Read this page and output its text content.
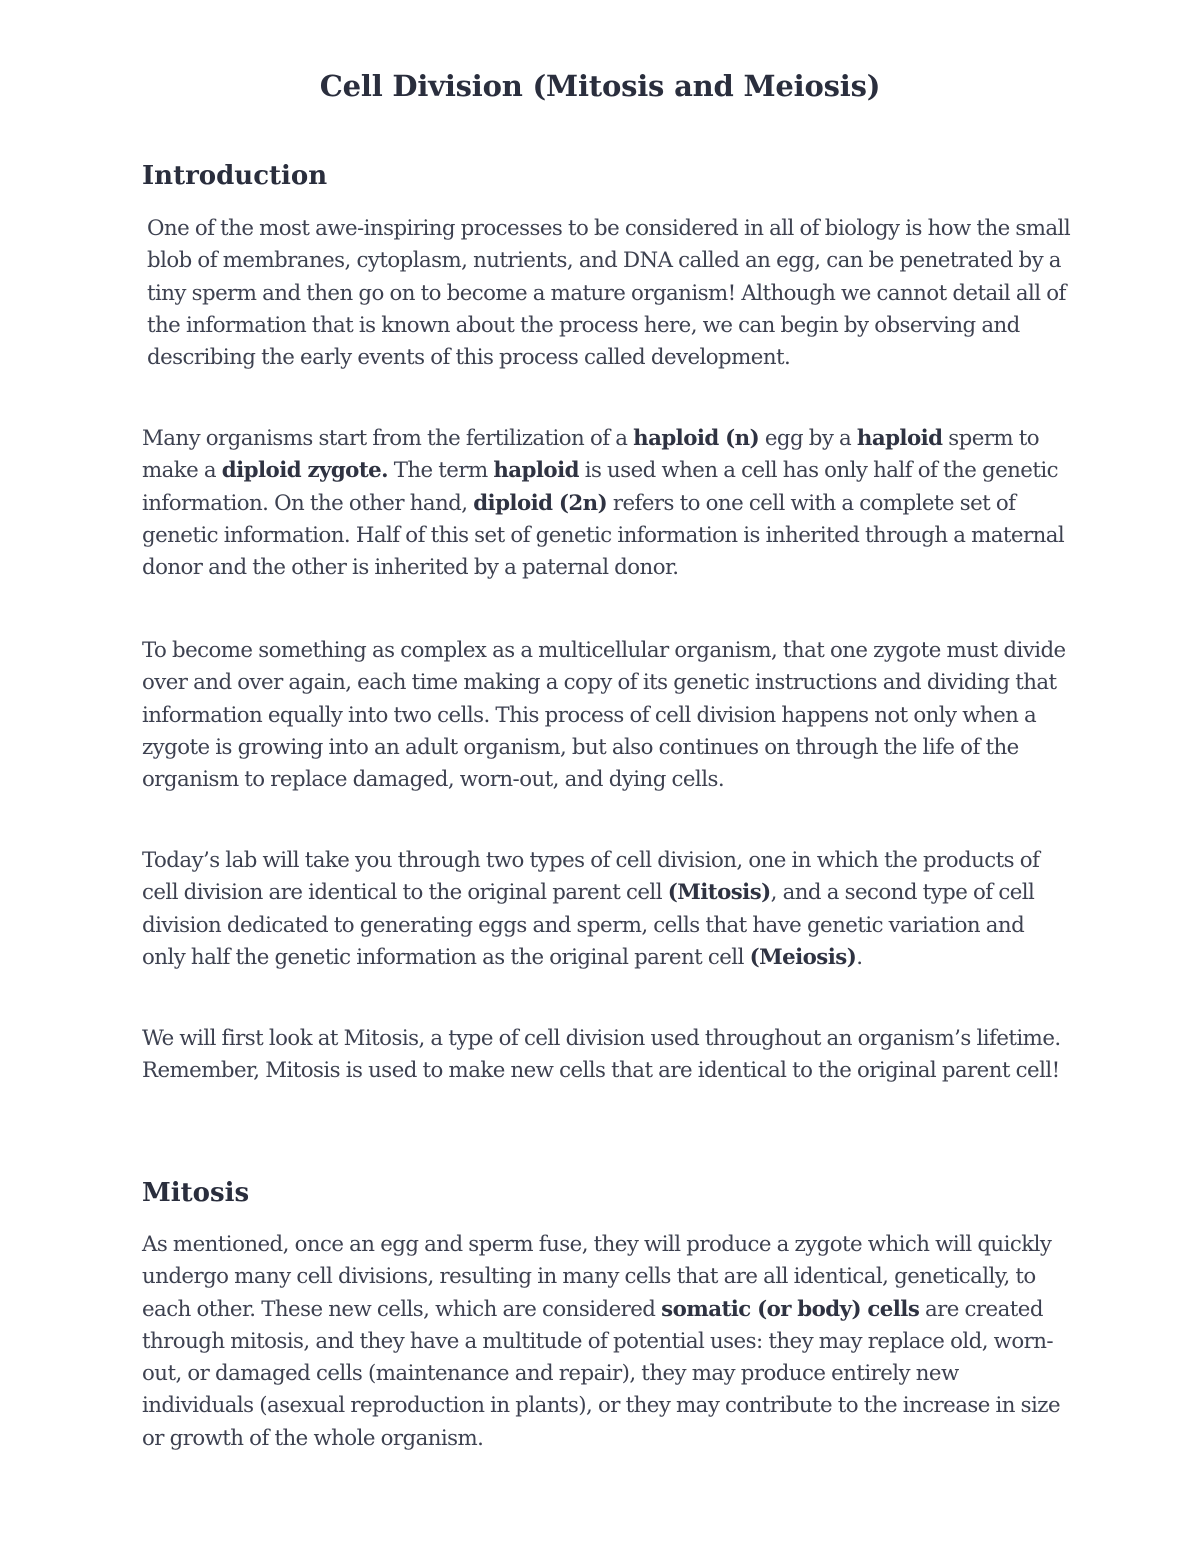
Cell Division (Mitosis and Meiosis)
Introduction

One of the most awe-inspiring processes to be considered in all of biology is how the small blob of membranes, cytoplasm, nutrients, and DNA called an egg, can be penetrated by a tiny sperm and then go on to become a mature organism! Although we cannot detail all of the information that is known about the process here, we can begin by observing and describing the early events of this process called development.

Many organisms start from the fertilization of a haploid (n) egg by a haploid sperm to make a diploid zygote. The term haploid is used when a cell has only half of the genetic information. On the other hand, diploid (2n) refers to one cell with a complete set of genetic information. Half of this set of genetic information is inherited through a maternal donor and the other is inherited by a paternal donor.

To become something as complex as a multicellular organism, that one zygote must divide over and over again, each time making a copy of its genetic instructions and dividing that information equally into two cells. This process of cell division happens not only when a zygote is growing into an adult organism, but also continues on through the life of the organism to replace damaged, worn-out, and dying cells.

Today’s lab will take you through two types of cell division, one in which the products of cell division are identical to the original parent cell (Mitosis), and a second type of cell division dedicated to generating eggs and sperm, cells that have genetic variation and only half the genetic information as the original parent cell (Meiosis).

We will first look at Mitosis, a type of cell division used throughout an organism’s lifetime. Remember, Mitosis is used to make new cells that are identical to the original parent cell!

Mitosis

As mentioned, once an egg and sperm fuse, they will produce a zygote which will quickly undergo many cell divisions, resulting in many cells that are all identical, genetically, to each other. These new cells, which are considered somatic (or body) cells are created through mitosis, and they have a multitude of potential uses: they may replace old, worn-out, or damaged cells (maintenance and repair), they may produce entirely new individuals (asexual reproduction in plants), or they may contribute to the increase in size or growth of the whole organism.
